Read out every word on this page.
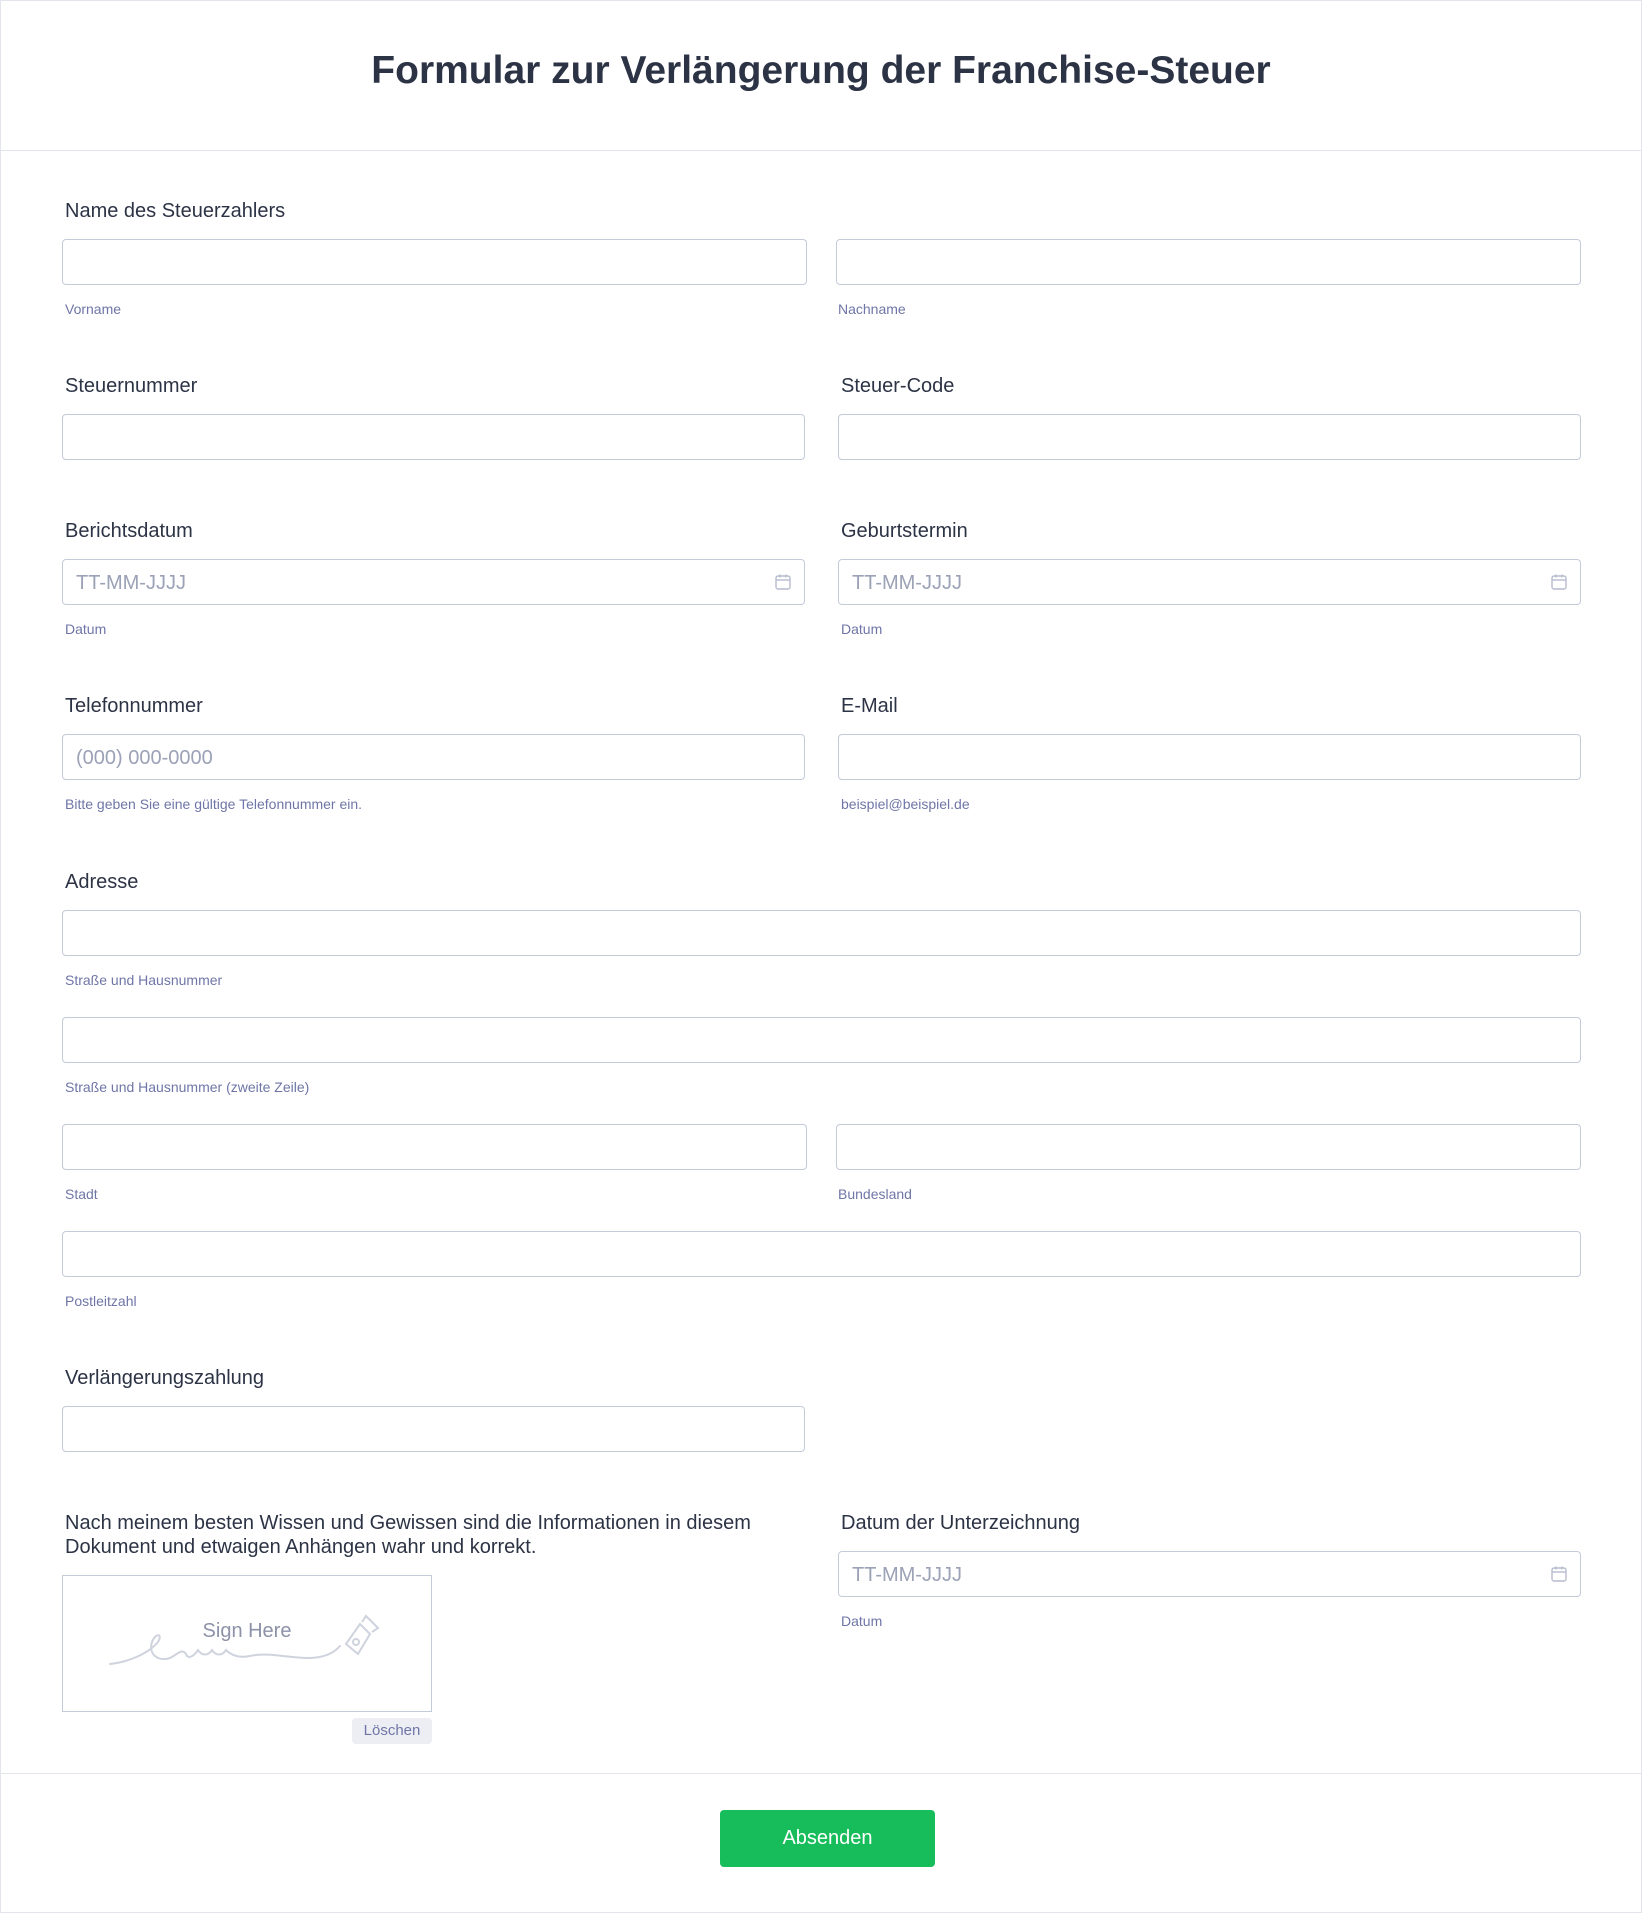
Formular zur Verlängerung der Franchise-Steuer
Name des Steuerzahlers
Vorname	Nachname
Steuernummer	Steuer-Code
Berichtsdatum
TT-MM-JJJJ
Datum
Geburtstermin
TT-MM-JJJJ
Datum
Telefonnummer
(000) 000-0000
Bitte geben Sie eine gültige Telefonnummer ein.
E-Mail
beispiel@beispiel.de
Adresse
Straße und Hausnummer
Straße und Hausnummer (zweite Zeile)
Stadt	Bundesland
Postleitzahl
Verlängerungszahlung
Nach meinem besten Wissen und Gewissen sind die Informationen in diesem Dokument und etwaigen Anhängen wahr und korrekt.
Sign Here
Löschen
Datum der Unterzeichnung
TT-MM-JJJJ
Datum
Absenden
